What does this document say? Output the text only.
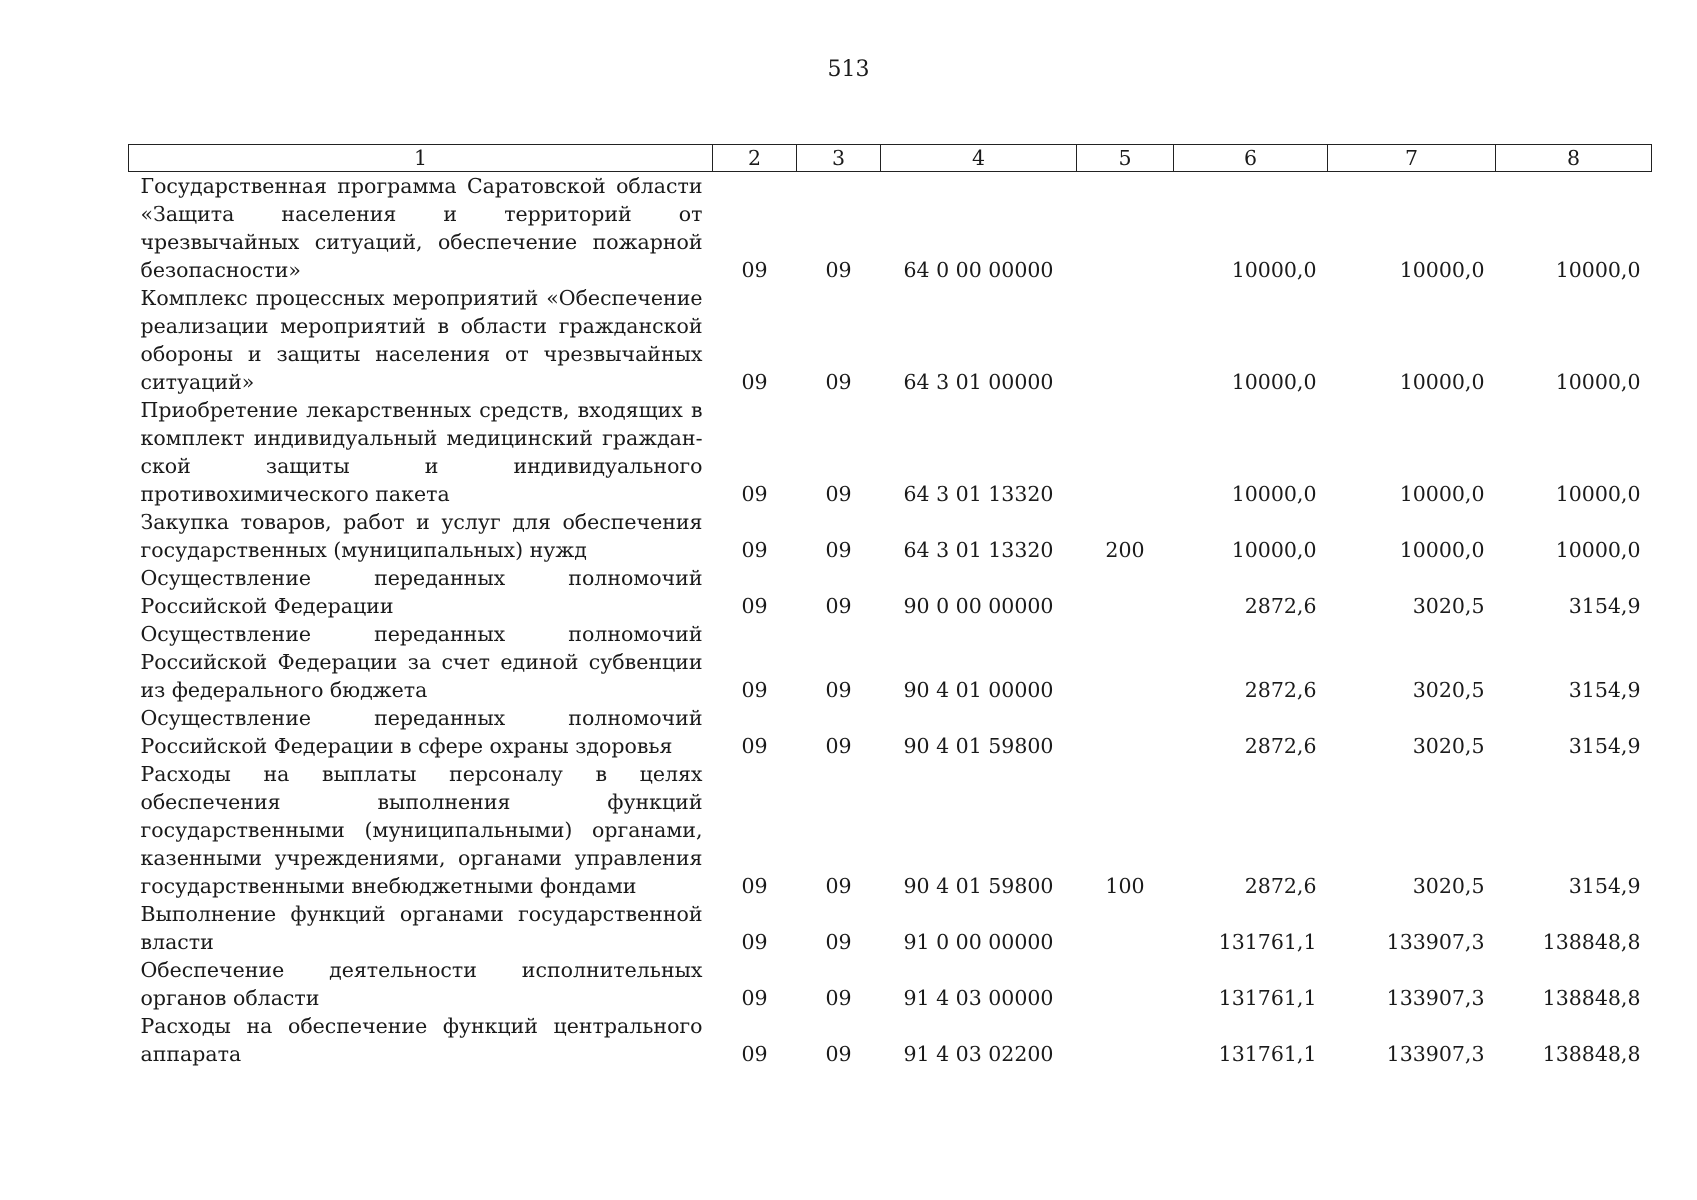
513
1	2	3	4	5	6	7	8
Государственная программа Саратовской области «Защита населения и территорий от чрезвычайных ситуаций, обеспечение пожарной безопасности»	09	09	64 0 00 00000		10000,0	10000,0	10000,0
Комплекс процессных мероприятий «Обеспечение реализации мероприятий в области гражданской обороны и защиты населения от чрезвычайных ситуаций»	09	09	64 3 01 00000		10000,0	10000,0	10000,0
Приобретение лекарственных средств, входящих в комплект индивидуальный медицинский гражданской защиты и индивидуального противохимического пакета	09	09	64 3 01 13320		10000,0	10000,0	10000,0
Закупка товаров, работ и услуг для обеспечения государственных (муниципальных) нужд	09	09	64 3 01 13320	200	10000,0	10000,0	10000,0
Осуществление переданных полномочий Российской Федерации	09	09	90 0 00 00000		2872,6	3020,5	3154,9
Осуществление переданных полномочий Российской Федерации за счет единой субвенции из федерального бюджета	09	09	90 4 01 00000		2872,6	3020,5	3154,9
Осуществление переданных полномочий Российской Федерации в сфере охраны здоровья	09	09	90 4 01 59800		2872,6	3020,5	3154,9
Расходы на выплаты персоналу в целях обеспечения выполнения функций государственными (муниципальными) органами, казенными учреждениями, органами управления государственными внебюджетными фондами	09	09	90 4 01 59800	100	2872,6	3020,5	3154,9
Выполнение функций органами государственной власти	09	09	91 0 00 00000		131761,1	133907,3	138848,8
Обеспечение деятельности исполнительных органов области	09	09	91 4 03 00000		131761,1	133907,3	138848,8
Расходы на обеспечение функций центрального аппарата	09	09	91 4 03 02200		131761,1	133907,3	138848,8
